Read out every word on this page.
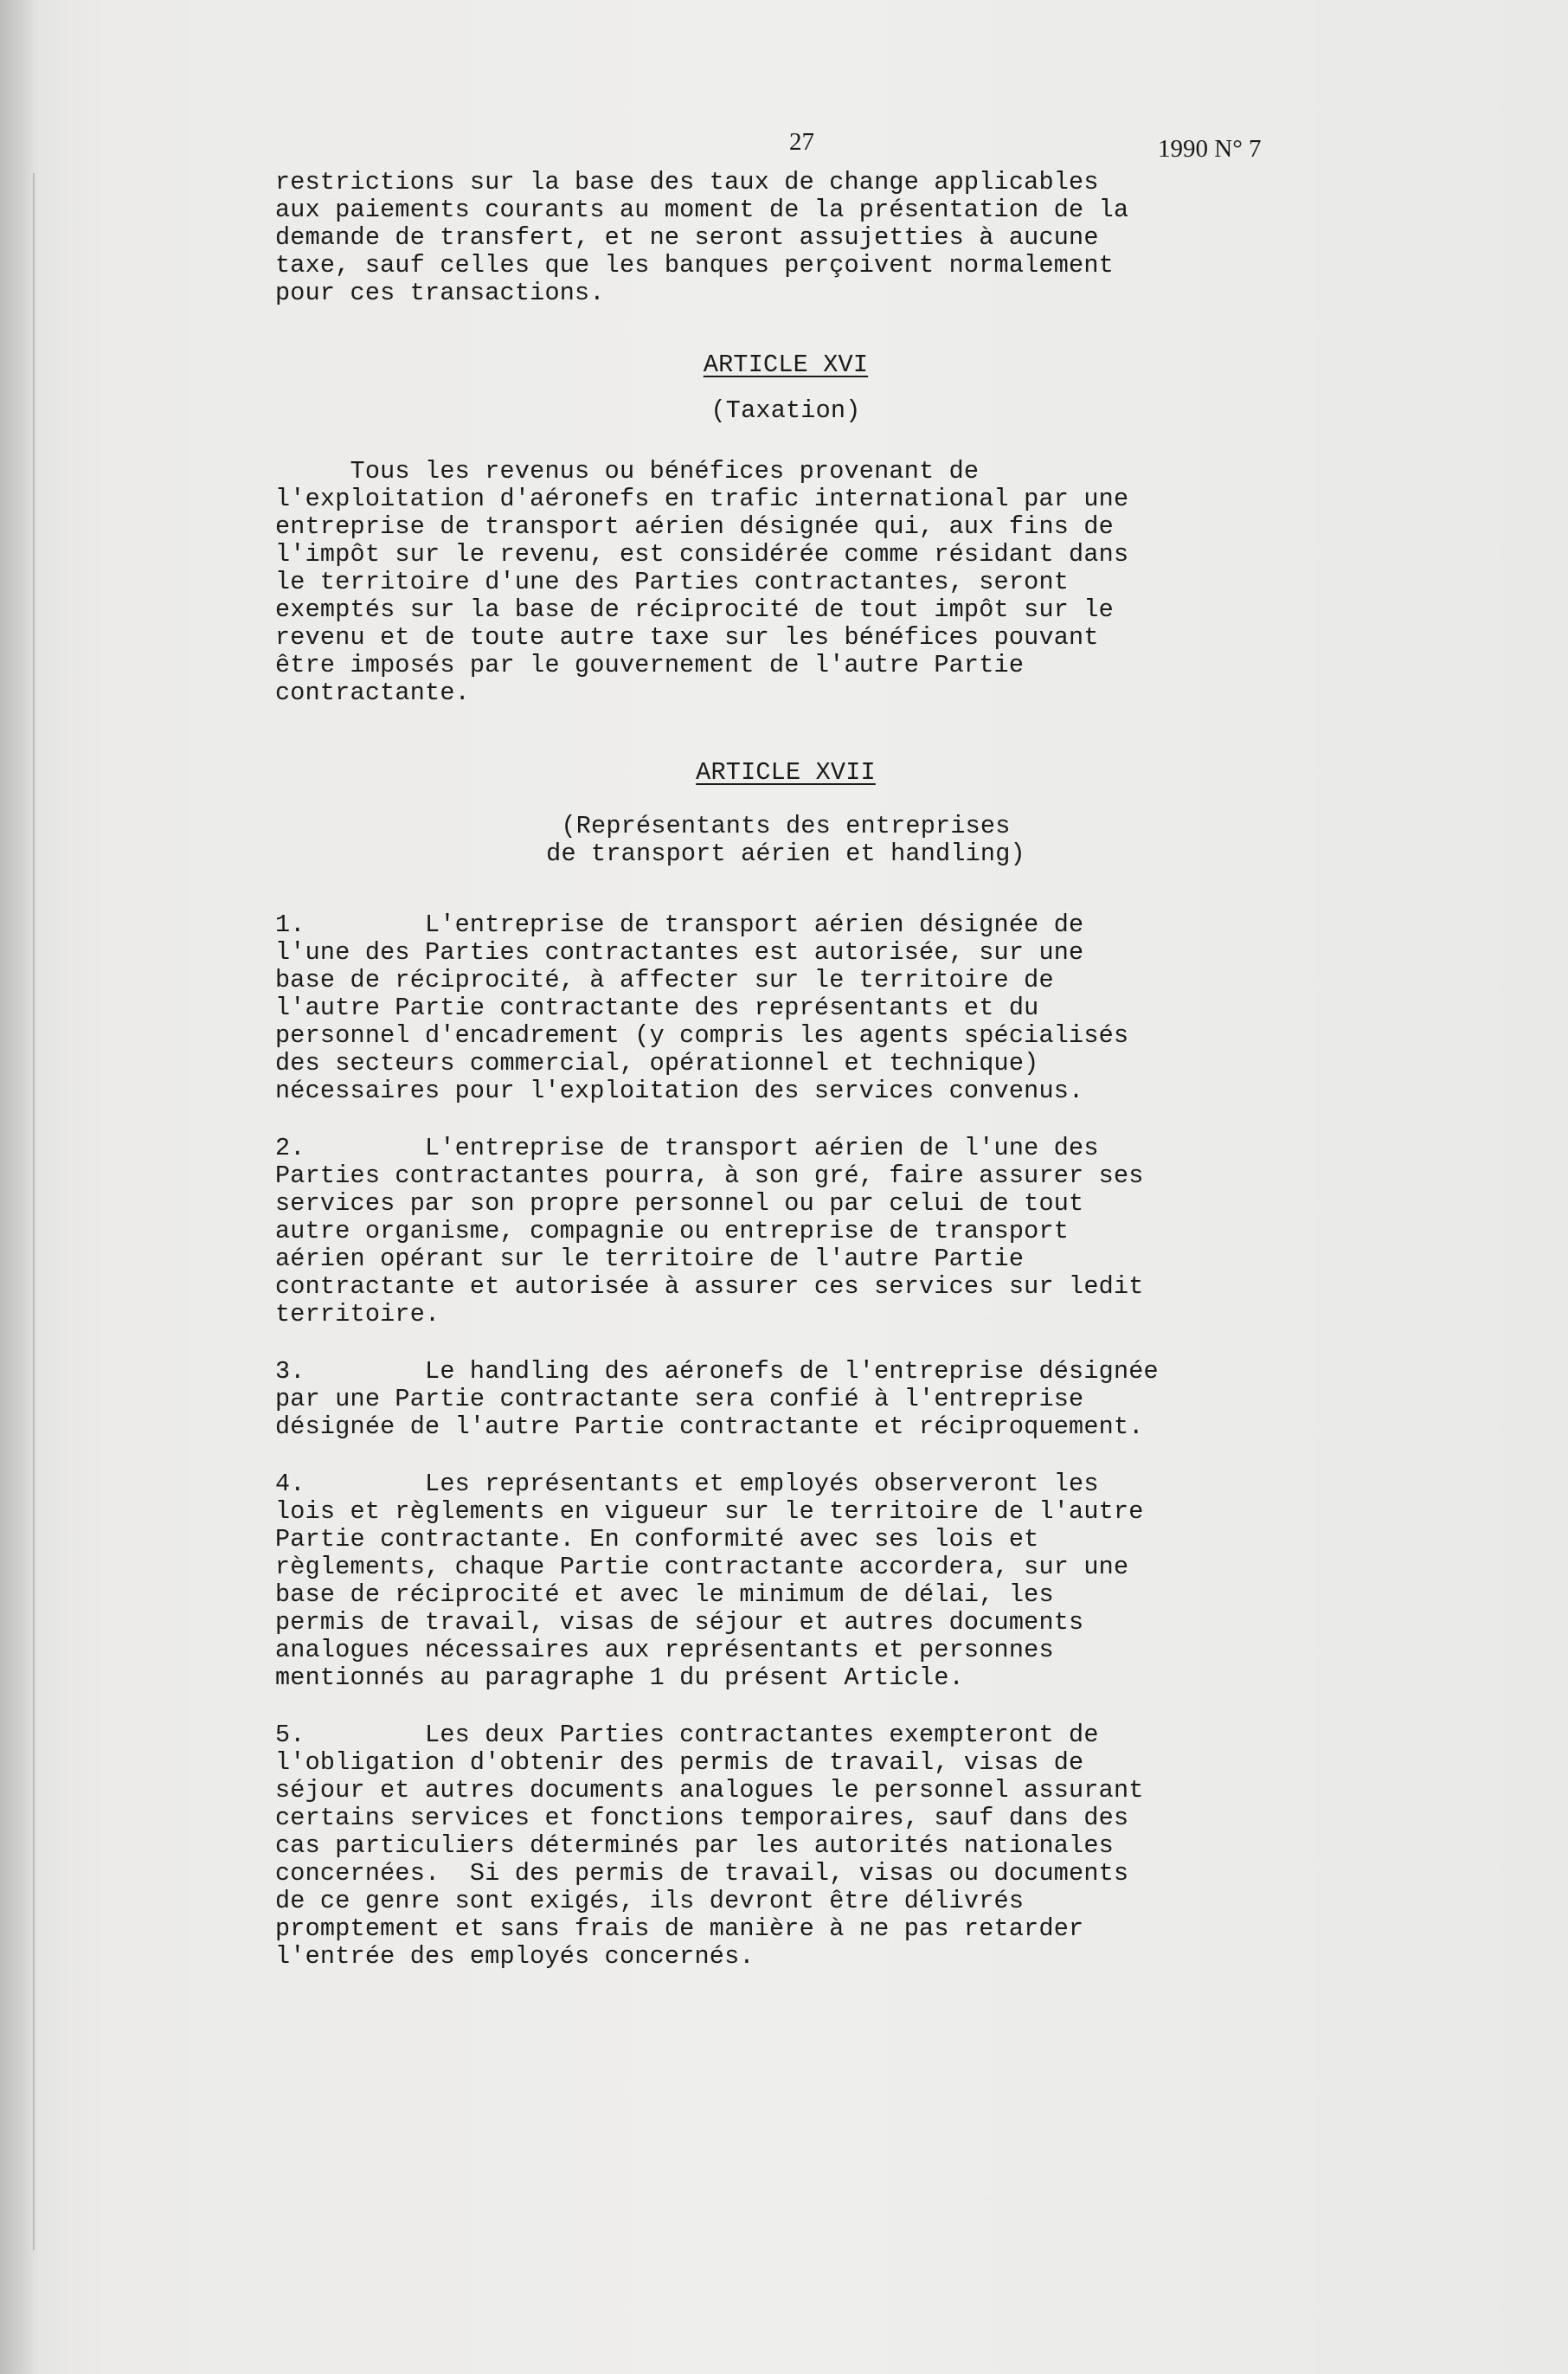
27	1990 N° 7

restrictions sur la base des taux de change applicables
aux paiements courants au moment de la présentation de la
demande de transfert, et ne seront assujetties à aucune
taxe, sauf celles que les banques perçoivent normalement
pour ces transactions.

ARTICLE XVI

(Taxation)

Tous les revenus ou bénéfices provenant de
l'exploitation d'aéronefs en trafic international par une
entreprise de transport aérien désignée qui, aux fins de
l'impôt sur le revenu, est considérée comme résidant dans
le territoire d'une des Parties contractantes, seront
exemptés sur la base de réciprocité de tout impôt sur le
revenu et de toute autre taxe sur les bénéfices pouvant
être imposés par le gouvernement de l'autre Partie
contractante.

ARTICLE XVII

(Représentants des entreprises
de transport aérien et handling)

1.        L'entreprise de transport aérien désignée de
l'une des Parties contractantes est autorisée, sur une
base de réciprocité, à affecter sur le territoire de
l'autre Partie contractante des représentants et du
personnel d'encadrement (y compris les agents spécialisés
des secteurs commercial, opérationnel et technique)
nécessaires pour l'exploitation des services convenus.

2.        L'entreprise de transport aérien de l'une des
Parties contractantes pourra, à son gré, faire assurer ses
services par son propre personnel ou par celui de tout
autre organisme, compagnie ou entreprise de transport
aérien opérant sur le territoire de l'autre Partie
contractante et autorisée à assurer ces services sur ledit
territoire.

3.        Le handling des aéronefs de l'entreprise désignée
par une Partie contractante sera confié à l'entreprise
désignée de l'autre Partie contractante et réciproquement.

4.        Les représentants et employés observeront les
lois et règlements en vigueur sur le territoire de l'autre
Partie contractante. En conformité avec ses lois et
règlements, chaque Partie contractante accordera, sur une
base de réciprocité et avec le minimum de délai, les
permis de travail, visas de séjour et autres documents
analogues nécessaires aux représentants et personnes
mentionnés au paragraphe 1 du présent Article.

5.        Les deux Parties contractantes exempteront de
l'obligation d'obtenir des permis de travail, visas de
séjour et autres documents analogues le personnel assurant
certains services et fonctions temporaires, sauf dans des
cas particuliers déterminés par les autorités nationales
concernées.  Si des permis de travail, visas ou documents
de ce genre sont exigés, ils devront être délivrés
promptement et sans frais de manière à ne pas retarder
l'entrée des employés concernés.
